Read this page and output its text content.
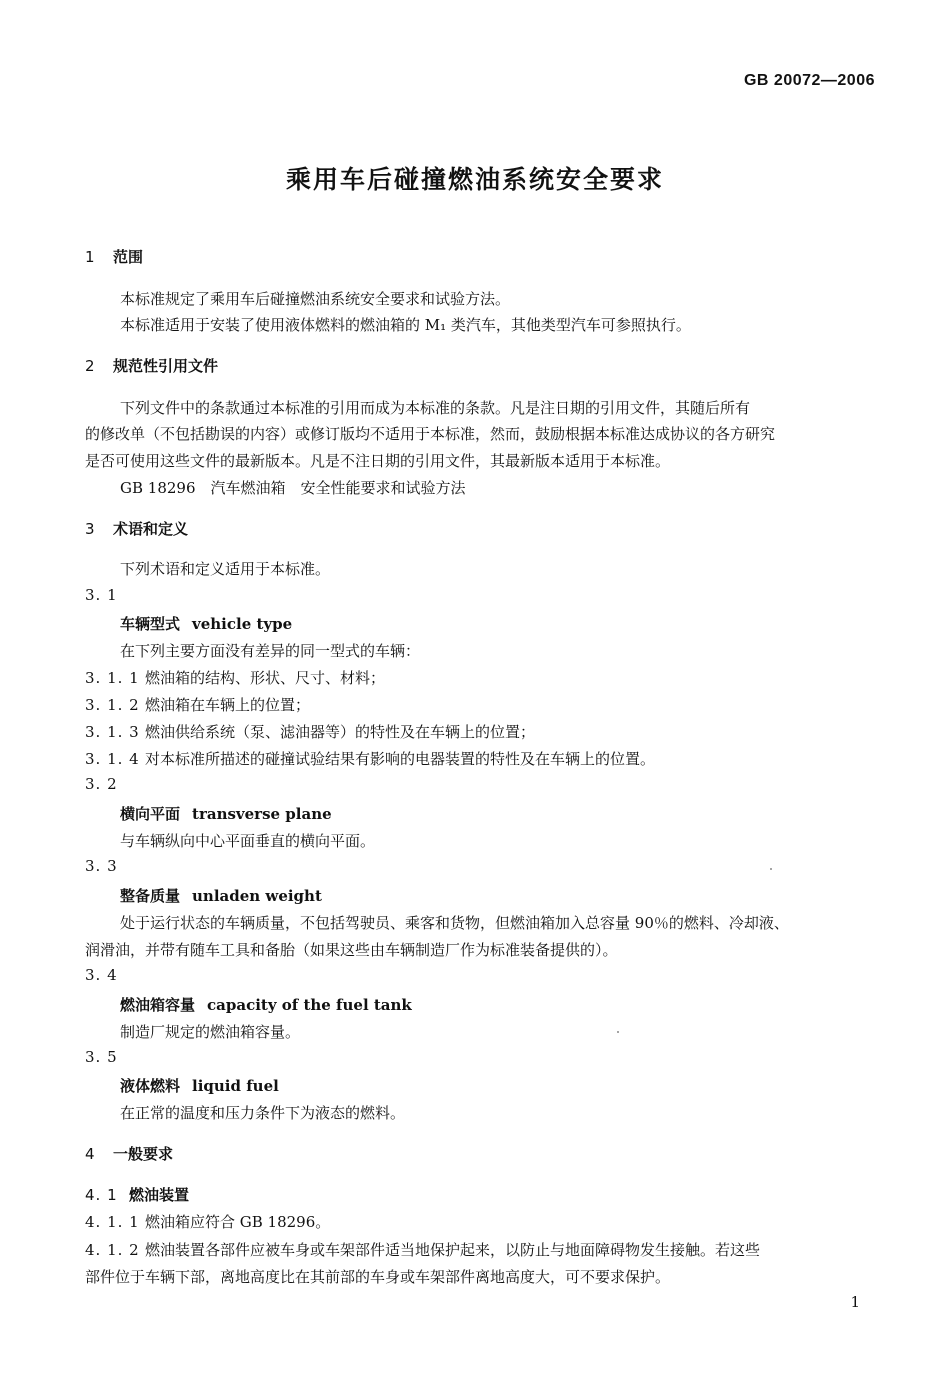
GB 20072—2006
乘用车后碰撞燃油系统安全要求
1 范围
本标准规定了乘用车后碰撞燃油系统安全要求和试验方法。
本标准适用于安装了使用液体燃料的燃油箱的 M₁ 类汽车，其他类型汽车可参照执行。
2 规范性引用文件
下列文件中的条款通过本标准的引用而成为本标准的条款。凡是注日期的引用文件，其随后所有
的修改单（不包括勘误的内容）或修订版均不适用于本标准，然而，鼓励根据本标准达成协议的各方研究
是否可使用这些文件的最新版本。凡是不注日期的引用文件，其最新版本适用于本标准。
GB 18296　汽车燃油箱　安全性能要求和试验方法
3 术语和定义
下列术语和定义适用于本标准。
3. 1
车辆型式 vehicle type
在下列主要方面没有差异的同一型式的车辆：
3. 1. 1 燃油箱的结构、形状、尺寸、材料；
3. 1. 2 燃油箱在车辆上的位置；
3. 1. 3 燃油供给系统（泵、滤油器等）的特性及在车辆上的位置；
3. 1. 4 对本标准所描述的碰撞试验结果有影响的电器装置的特性及在车辆上的位置。
3. 2
横向平面 transverse plane
与车辆纵向中心平面垂直的横向平面。
3. 3
整备质量 unladen weight
处于运行状态的车辆质量，不包括驾驶员、乘客和货物，但燃油箱加入总容量 90％的燃料、冷却液、
润滑油，并带有随车工具和备胎（如果这些由车辆制造厂作为标准装备提供的）。
3. 4
燃油箱容量 capacity of the fuel tank
制造厂规定的燃油箱容量。
3. 5
液体燃料 liquid fuel
在正常的温度和压力条件下为液态的燃料。
4 一般要求
4. 1 燃油装置
4. 1. 1 燃油箱应符合 GB 18296。
4. 1. 2 燃油装置各部件应被车身或车架部件适当地保护起来，以防止与地面障碍物发生接触。若这些
部件位于车辆下部，离地高度比在其前部的车身或车架部件离地高度大，可不要求保护。
1
